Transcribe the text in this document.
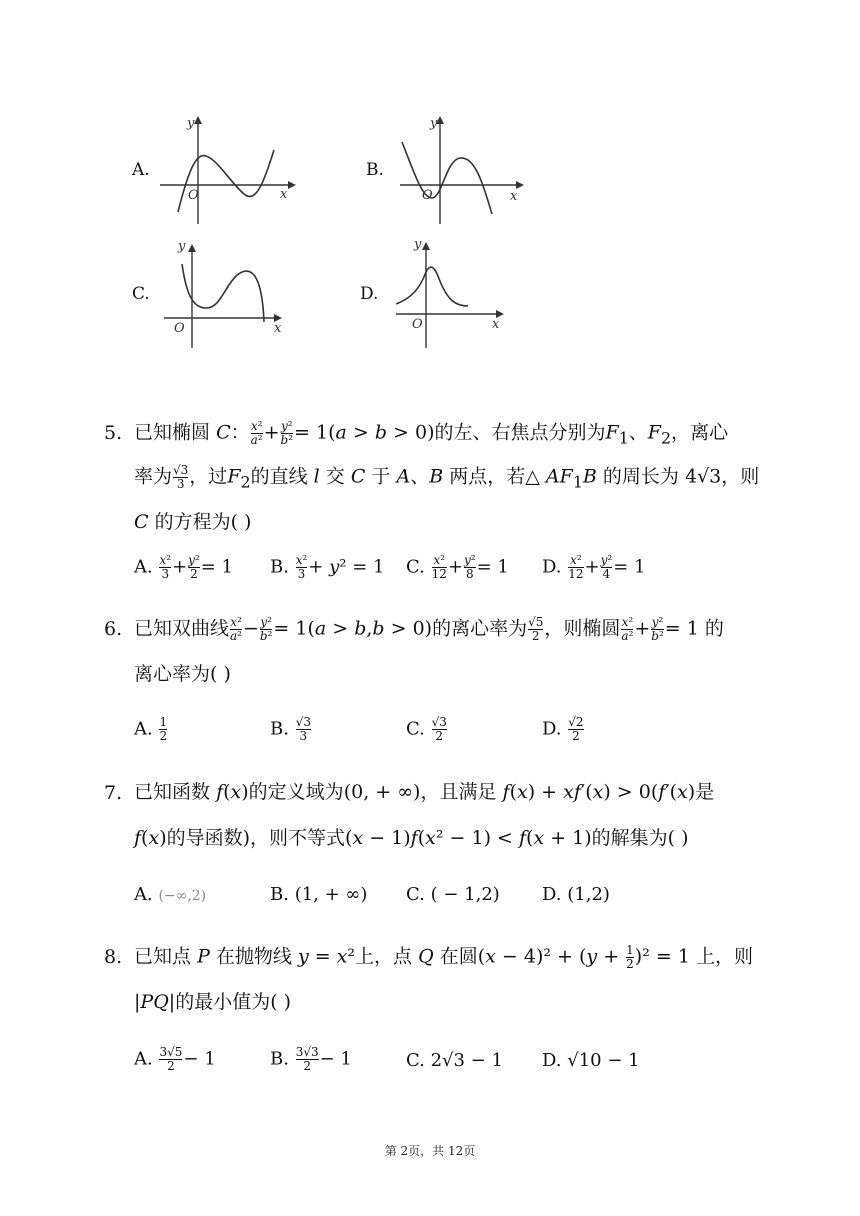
A.
y
O	x
B.
y
O	x
C.
y
O	x
D.
y
O	x
5. 已知椭圆 C： $\frac{\text{x²}}{\text{a²}} + \frac{\text{y²}}{\text{b²}} = 1(a > b > 0)$的左、右焦点分别为$F_1$、$F_2$，离心
率为 $\frac{√3}{3}$ ，过$F_2$的直线 l 交 C 于 A、B 两点，若△ $AF_1B$ 的周长为 4√3，则
C 的方程为( )
A. $\frac{\text{x²}}{3} + \frac{\text{y²}}{2} = 1$ B. $\frac{\text{x²}}{3} + y^2 = 1$ C. $\frac{\text{x²}}{12} + \frac{\text{y²}}{8} = 1$ D. $\frac{\text{x²}}{12} + \frac{\text{y²}}{4} = 1$
6. 已知双曲线 $\frac{\text{x²}}{\text{a²}} - \frac{\text{y²}}{\text{b²}} = 1(a > b,b > 0)$的离心率为 $\frac{√5}{2}$ ，则椭圆 $\frac{\text{x²}}{\text{a²}} + \frac{\text{y²}}{\text{b²}} = 1$ 的
离心率为( )
A. $\frac{1}{2}$	B. $\frac{√3}{3}$	C. $\frac{√3}{2}$	D. $\frac{√2}{2}$
7. 已知函数 f(x)的定义域为(0, + ∞)，且满足 f(x) + xf′(x) > 0(f′(x)是
f(x)的导函数)，则不等式(x − 1)f(x² − 1) < f(x + 1)的解集为( )
A. (−∞,2)	B. (1, + ∞) C. ( − 1,2) D. (1,2)
8. 已知点 P 在抛物线 y = x²上，点 Q 在圆$(x - 4)^2 + (y + \frac{1}{2} )^2 = 1$ 上，则
|PQ|的最小值为( )
A. $\frac{3√5}{2} - 1$	B. $\frac{3√3}{2} - 1$	C. 2√3 − 1 D. √10 − 1
第 2页，共 12页
